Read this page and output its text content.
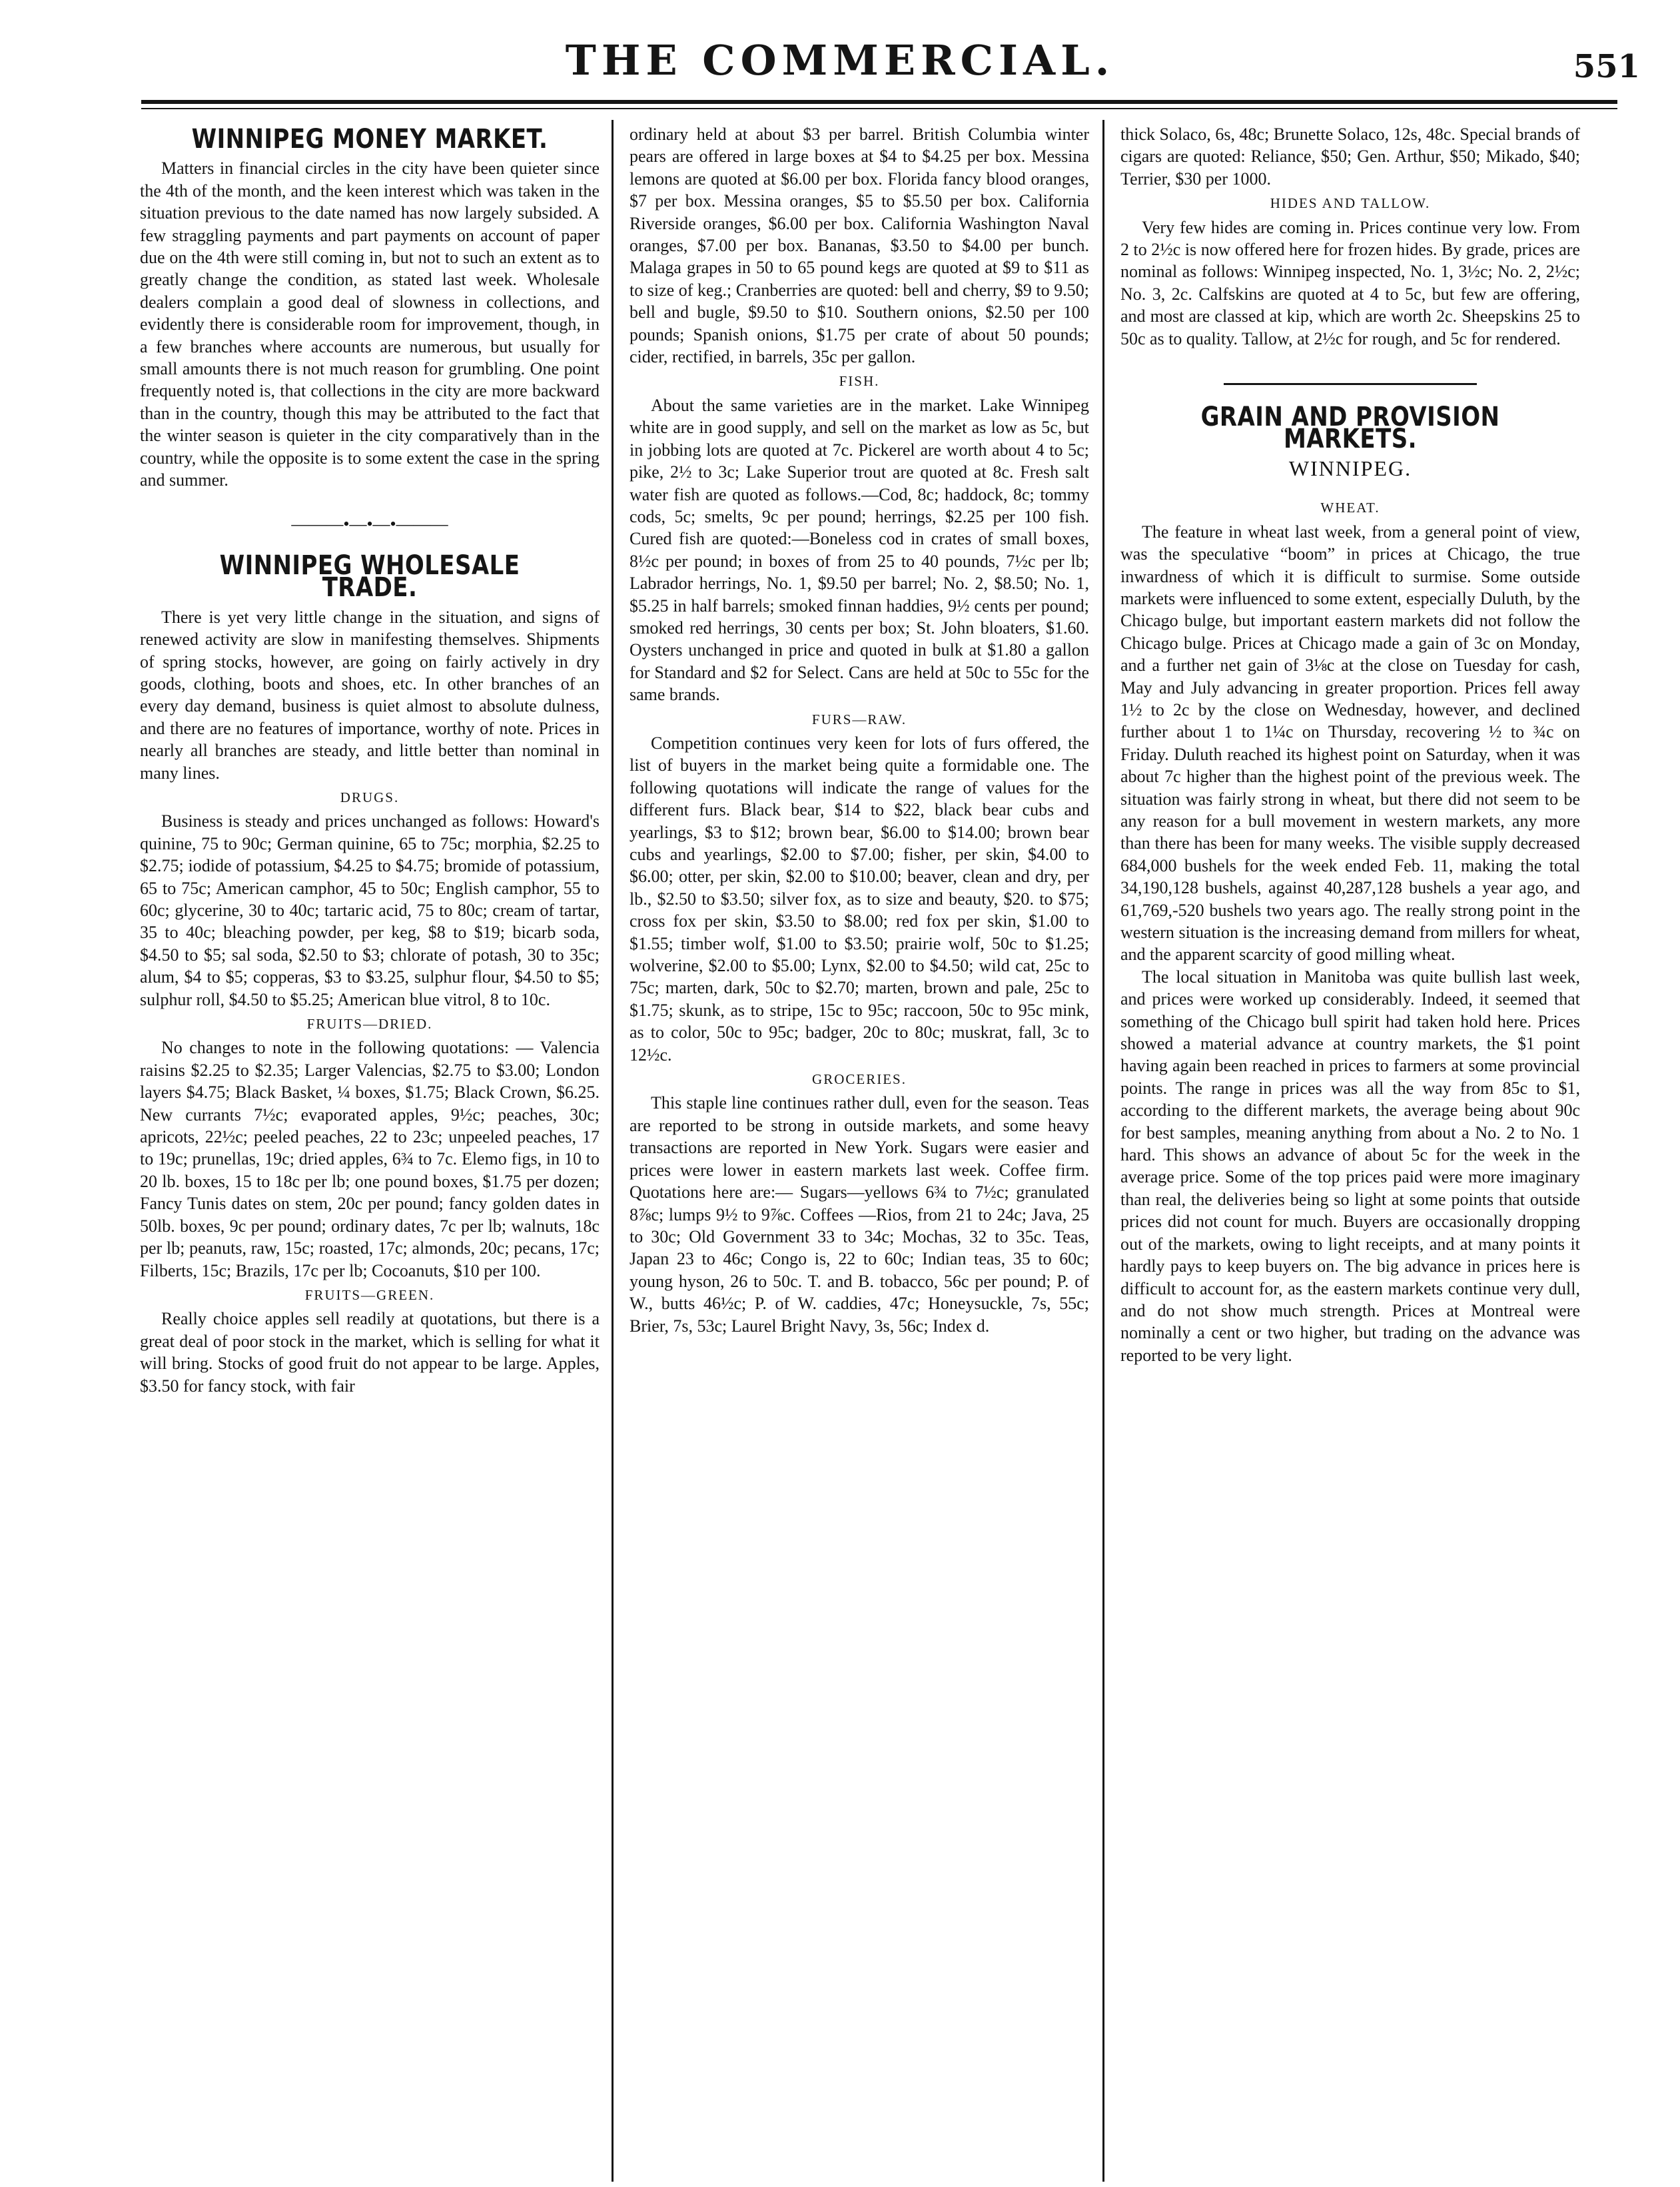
THE COMMERCIAL.	551
WINNIPEG MONEY MARKET.

Matters in financial circles in the city have been quieter since the 4th of the month, and the keen interest which was taken in the situation previous to the date named has now largely subsided. A few straggling payments and part payments on account of paper due on the 4th were still coming in, but not to such an extent as to greatly change the condition, as stated last week. Wholesale dealers complain a good deal of slowness in collections, and evidently there is considerable room for improvement, though, in a few branches where accounts are numerous, but usually for small amounts there is not much reason for grumbling. One point frequently noted is, that collections in the city are more backward than in the country, though this may be attributed to the fact that the winter season is quieter in the city comparatively than in the country, while the opposite is to some extent the case in the spring and summer.

———•—•—•———
WINNIPEG WHOLESALE TRADE.

There is yet very little change in the situation, and signs of renewed activity are slow in manifesting themselves. Shipments of spring stocks, however, are going on fairly actively in dry goods, clothing, boots and shoes, etc. In other branches of an every day demand, business is quiet almost to absolute dulness, and there are no features of importance, worthy of note. Prices in nearly all branches are steady, and little better than nominal in many lines.

DRUGS.

Business is steady and prices unchanged as follows: Howard's quinine, 75 to 90c; German quinine, 65 to 75c; morphia, $2.25 to $2.75; iodide of potassium, $4.25 to $4.75; bromide of potassium, 65 to 75c; American camphor, 45 to 50c; English camphor, 55 to 60c; glycerine, 30 to 40c; tartaric acid, 75 to 80c; cream of tartar, 35 to 40c; bleaching powder, per keg, $8 to $19; bicarb soda, $4.50 to $5; sal soda, $2.50 to $3; chlorate of potash, 30 to 35c; alum, $4 to $5; copperas, $3 to $3.25, sulphur flour, $4.50 to $5; sulphur roll, $4.50 to $5.25; American blue vitrol, 8 to 10c.

FRUITS—DRIED.

No changes to note in the following quotations: — Valencia raisins $2.25 to $2.35; Larger Valencias, $2.75 to $3.00; London layers $4.75; Black Basket, ¼ boxes, $1.75; Black Crown, $6.25. New currants 7½c; evaporated apples, 9½c; peaches, 30c; apricots, 22½c; peeled peaches, 22 to 23c; unpeeled peaches, 17 to 19c; prunellas, 19c; dried apples, 6¾ to 7c. Elemo figs, in 10 to 20 lb. boxes, 15 to 18c per lb; one pound boxes, $1.75 per dozen; Fancy Tunis dates on stem, 20c per pound; fancy golden dates in 50lb. boxes, 9c per pound; ordinary dates, 7c per lb; walnuts, 18c per lb; peanuts, raw, 15c; roasted, 17c; almonds, 20c; pecans, 17c; Filberts, 15c; Brazils, 17c per lb; Cocoanuts, $10 per 100.

FRUITS—GREEN.

Really choice apples sell readily at quotations, but there is a great deal of poor stock in the market, which is selling for what it will bring. Stocks of good fruit do not appear to be large. Apples, $3.50 for fancy stock, with fair

ordinary held at about $3 per barrel. British Columbia winter pears are offered in large boxes at $4 to $4.25 per box. Messina lemons are quoted at $6.00 per box. Florida fancy blood oranges, $7 per box. Messina oranges, $5 to $5.50 per box. California Riverside oranges, $6.00 per box. California Washington Naval oranges, $7.00 per box. Bananas, $3.50 to $4.00 per bunch. Malaga grapes in 50 to 65 pound kegs are quoted at $9 to $11 as to size of keg.; Cranberries are quoted: bell and cherry, $9 to 9.50; bell and bugle, $9.50 to $10. Southern onions, $2.50 per 100 pounds; Spanish onions, $1.75 per crate of about 50 pounds; cider, rectified, in barrels, 35c per gallon.

FISH.

About the same varieties are in the market. Lake Winnipeg white are in good supply, and sell on the market as low as 5c, but in jobbing lots are quoted at 7c. Pickerel are worth about 4 to 5c; pike, 2½ to 3c; Lake Superior trout are quoted at 8c. Fresh salt water fish are quoted as follows.—Cod, 8c; haddock, 8c; tommy cods, 5c; smelts, 9c per pound; herrings, $2.25 per 100 fish. Cured fish are quoted:—Boneless cod in crates of small boxes, 8½c per pound; in boxes of from 25 to 40 pounds, 7½c per lb; Labrador herrings, No. 1, $9.50 per barrel; No. 2, $8.50; No. 1, $5.25 in half barrels; smoked finnan haddies, 9½ cents per pound; smoked red herrings, 30 cents per box; St. John bloaters, $1.60. Oysters unchanged in price and quoted in bulk at $1.80 a gallon for Standard and $2 for Select. Cans are held at 50c to 55c for the same brands.

FURS—RAW.

Competition continues very keen for lots of furs offered, the list of buyers in the market being quite a formidable one. The following quotations will indicate the range of values for the different furs. Black bear, $14 to $22, black bear cubs and yearlings, $3 to $12; brown bear, $6.00 to $14.00; brown bear cubs and yearlings, $2.00 to $7.00; fisher, per skin, $4.00 to $6.00; otter, per skin, $2.00 to $10.00; beaver, clean and dry, per lb., $2.50 to $3.50; silver fox, as to size and beauty, $20. to $75; cross fox per skin, $3.50 to $8.00; red fox per skin, $1.00 to $1.55; timber wolf, $1.00 to $3.50; prairie wolf, 50c to $1.25; wolverine, $2.00 to $5.00; Lynx, $2.00 to $4.50; wild cat, 25c to 75c; marten, dark, 50c to $2.70; marten, brown and pale, 25c to $1.75; skunk, as to stripe, 15c to 95c; raccoon, 50c to 95c mink, as to color, 50c to 95c; badger, 20c to 80c; muskrat, fall, 3c to 12½c.

GROCERIES.

This staple line continues rather dull, even for the season. Teas are reported to be strong in outside markets, and some heavy transactions are reported in New York. Sugars were easier and prices were lower in eastern markets last week. Coffee firm. Quotations here are:— Sugars—yellows 6¾ to 7½c; granulated 8⅞c; lumps 9½ to 9⅞c. Coffees —Rios, from 21 to 24c; Java, 25 to 30c; Old Government 33 to 34c; Mochas, 32 to 35c. Teas, Japan 23 to 46c; Congo is, 22 to 60c; Indian teas, 35 to 60c; young hyson, 26 to 50c. T. and B. tobacco, 56c per pound; P. of W., butts 46½c; P. of W. caddies, 47c; Honeysuckle, 7s, 55c; Brier, 7s, 53c; Laurel Bright Navy, 3s, 56c; Index d.

thick Solaco, 6s, 48c; Brunette Solaco, 12s, 48c. Special brands of cigars are quoted: Reliance, $50; Gen. Arthur, $50; Mikado, $40; Terrier, $30 per 1000.

HIDES AND TALLOW.

Very few hides are coming in. Prices continue very low. From 2 to 2½c is now offered here for frozen hides. By grade, prices are nominal as follows: Winnipeg inspected, No. 1, 3½c; No. 2, 2½c; No. 3, 2c. Calfskins are quoted at 4 to 5c, but few are offering, and most are classed at kip, which are worth 2c. Sheepskins 25 to 50c as to quality. Tallow, at 2½c for rough, and 5c for rendered.

GRAIN AND PROVISION MARKETS.
WINNIPEG.
WHEAT.

The feature in wheat last week, from a general point of view, was the speculative “boom” in prices at Chicago, the true inwardness of which it is difficult to surmise. Some outside markets were influenced to some extent, especially Duluth, by the Chicago bulge, but important eastern markets did not follow the Chicago bulge. Prices at Chicago made a gain of 3c on Monday, and a further net gain of 3⅛c at the close on Tuesday for cash, May and July advancing in greater proportion. Prices fell away 1½ to 2c by the close on Wednesday, however, and declined further about 1 to 1¼c on Thursday, recovering ½ to ¾c on Friday. Duluth reached its highest point on Saturday, when it was about 7c higher than the highest point of the previous week. The situation was fairly strong in wheat, but there did not seem to be any reason for a bull movement in western markets, any more than there has been for many weeks. The visible supply decreased 684,000 bushels for the week ended Feb. 11, making the total 34,190,128 bushels, against 40,287,128 bushels a year ago, and 61,769,-520 bushels two years ago. The really strong point in the western situation is the increasing demand from millers for wheat, and the apparent scarcity of good milling wheat.

The local situation in Manitoba was quite bullish last week, and prices were worked up considerably. Indeed, it seemed that something of the Chicago bull spirit had taken hold here. Prices showed a material advance at country markets, the $1 point having again been reached in prices to farmers at some provincial points. The range in prices was all the way from 85c to $1, according to the different markets, the average being about 90c for best samples, meaning anything from about a No. 2 to No. 1 hard. This shows an advance of about 5c for the week in the average price. Some of the top prices paid were more imaginary than real, the deliveries being so light at some points that outside prices did not count for much. Buyers are occasionally dropping out of the markets, owing to light receipts, and at many points it hardly pays to keep buyers on. The big advance in prices here is difficult to account for, as the eastern markets continue very dull, and do not show much strength. Prices at Montreal were nominally a cent or two higher, but trading on the advance was reported to be very light.
